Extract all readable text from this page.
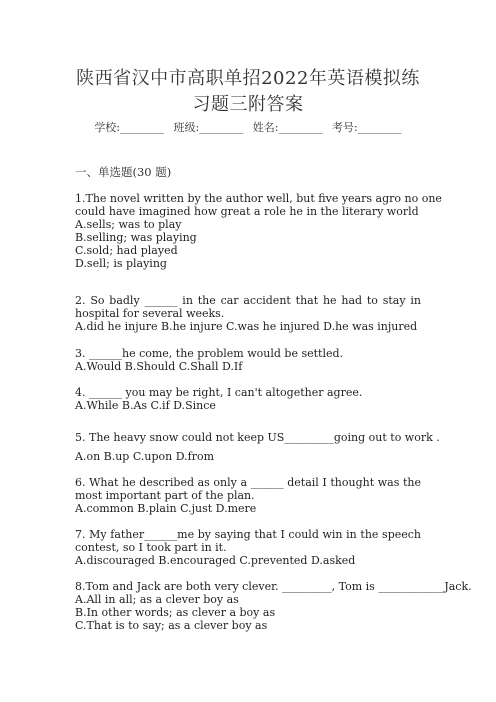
陕西省汉中市高职单招2022年英语模拟练
习题三附答案
学校:________ 班级:________ 姓名:________ 考号:________
一、单选题(30 题)
1.The novel written by the author well, but five years agro no one
could have imagined how great a role he in the literary world
A.sells; was to play
B.selling; was playing
C.sold; had played
D.sell; is playing
2. So badly ______ in the car accident that he had to stay in hospital for several weeks.
A.did he injure B.he injure C.was he injured D.he was injured
3. ______he come, the problem would be settled.
A.Would B.Should C.Shall D.If
4. ______ you may be right, I can't altogether agree.
A.While B.As C.if D.Since
5. The heavy snow could not keep US_________going out to work .
A.on B.up C.upon D.from
6. What he described as only a ______ detail I thought was the most important part of the plan.
A.common B.plain C.just D.mere
7. My father______me by saying that I could win in the speech contest, so I took part in it.
A.discouraged B.encouraged C.prevented D.asked
8.Tom and Jack are both very clever. _________, Tom is ____________Jack.
A.All in all; as a clever boy as
B.In other words; as clever a boy as
C.That is to say; as a clever boy as
